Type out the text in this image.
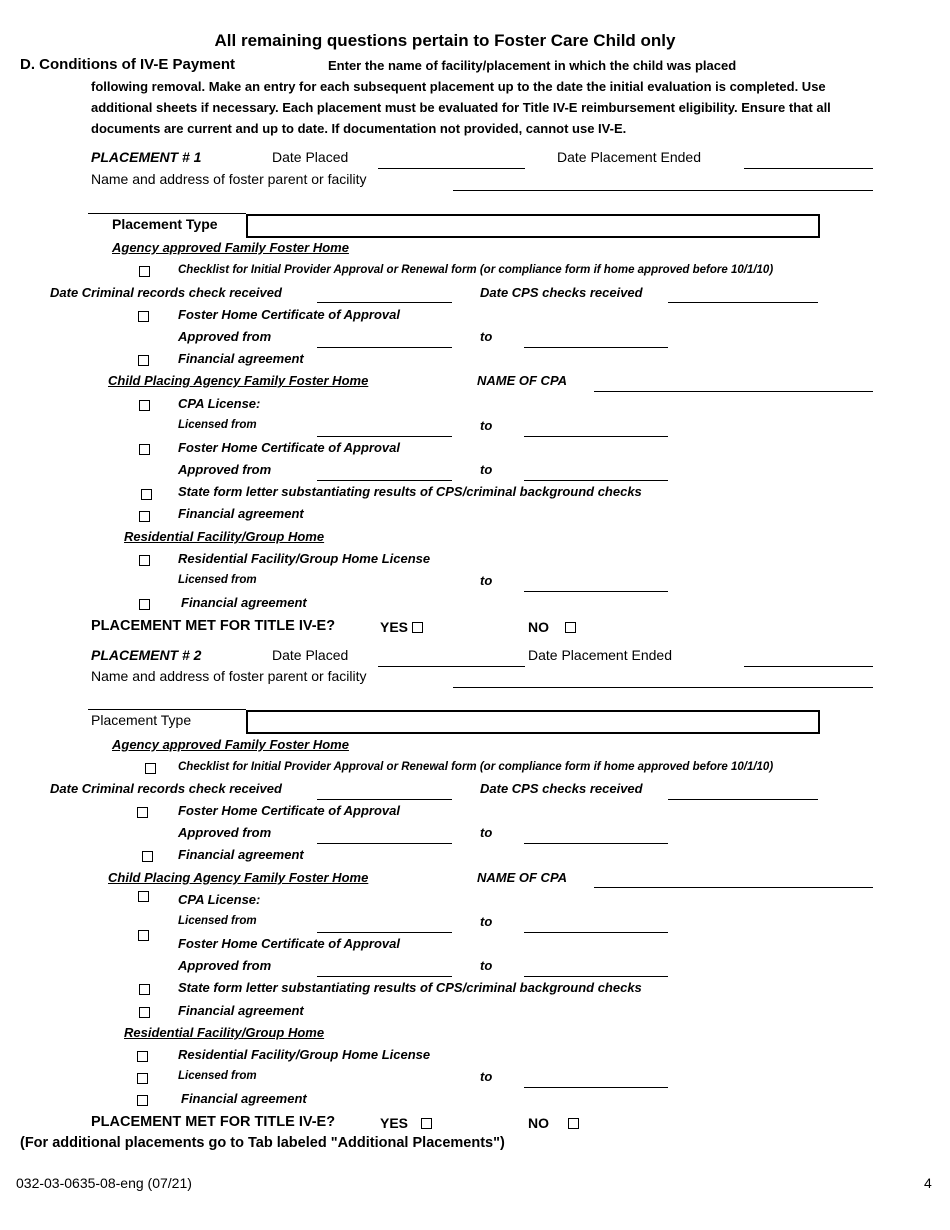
All remaining questions pertain to Foster Care Child only
D. Conditions of IV-E Payment	Enter the name of facility/placement in which the child was placed
following removal. Make an entry for each subsequent placement up to the date the initial evaluation is completed. Use additional sheets if necessary. Each placement must be evaluated for Title IV-E reimbursement eligibility. Ensure that all documents are current and up to date. If documentation not provided, cannot use IV-E.
PLACEMENT # 1	Date Placed	Date Placement Ended
Name and address of foster parent or facility
Placement Type
Agency approved Family Foster Home
Checklist for Initial Provider Approval or Renewal form (or compliance form if home approved before 10/1/10)
Date Criminal records check received	Date CPS checks received
Foster Home Certificate of Approval
Approved from	to
Financial agreement
Child Placing Agency Family Foster Home	NAME OF CPA
CPA License:
Licensed from	to
Foster Home Certificate of Approval
Approved from	to
State form letter substantiating results of CPS/criminal background checks
Financial agreement
Residential Facility/Group Home
Residential Facility/Group Home License
Licensed from	to
Financial agreement
PLACEMENT MET FOR TITLE IV-E?	YES	NO
PLACEMENT # 2	Date Placed	Date Placement Ended
Name and address of foster parent or facility
Placement Type
Agency approved Family Foster Home
Checklist for Initial Provider Approval or Renewal form (or compliance form if home approved before 10/1/10)
Date Criminal records check received	Date CPS checks received
Foster Home Certificate of Approval
Approved from	to
Financial agreement
Child Placing Agency Family Foster Home	NAME OF CPA
CPA License:
Licensed from	to
Foster Home Certificate of Approval
Approved from	to
State form letter substantiating results of CPS/criminal background checks
Financial agreement
Residential Facility/Group Home
Residential Facility/Group Home License
Licensed from	to
Financial agreement
PLACEMENT MET FOR TITLE IV-E?	YES	NO
(For additional placements go to Tab labeled "Additional Placements")
032-03-0635-08-eng (07/21)	4
